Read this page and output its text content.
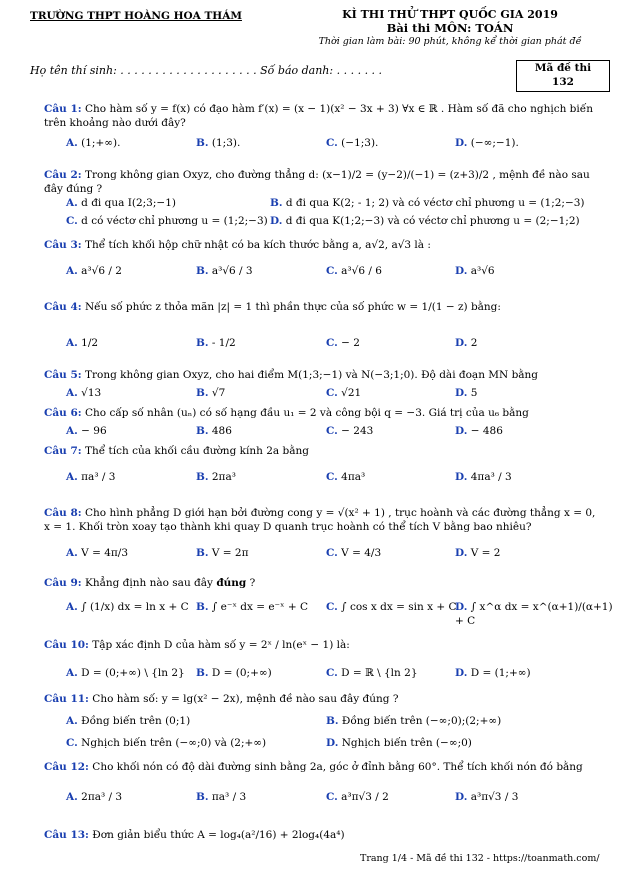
TRƯỜNG THPT HOÀNG HOA THÁM	KÌ THI THỬ THPT QUỐC GIA 2019
Bài thi MÔN: TOÁN
Thời gian làm bài: 90 phút, không kể thời gian phát đề
Họ tên thí sinh: . . . . . . . . . . . . . . . . . . . . Số báo danh: . . . . . . .	Mã đề thi
132
Câu 1: Cho hàm số y = f(x) có đạo hàm f′(x) = (x − 1)(x² − 3x + 3) ∀x ∈ ℝ . Hàm số đã cho nghịch biến trên khoảng nào dưới đây?
A. (1;+∞).	B. (1;3).	C. (−1;3).	D. (−∞;−1).
Câu 2: Trong không gian Oxyz, cho đường thẳng d: (x−1)/2 = (y−2)/(−1) = (z+3)/2 , mệnh đề nào sau đây đúng ?
A. d đi qua I(2;3;−1)	B. d đi qua K(2; - 1; 2) và có véctơ chỉ phương u = (1;2;−3)
C. d có véctơ chỉ phương u = (1;2;−3) D. d đi qua K(1;2;−3) và có véctơ chỉ phương u = (2;−1;2)
Câu 3: Thể tích khối hộp chữ nhật có ba kích thước bằng a, a√2, a√3 là :
A. a³√6 / 2	B. a³√6 / 3	C. a³√6 / 6	D. a³√6
Câu 4: Nếu số phức z thỏa mãn |z| = 1 thì phần thực của số phức w = 1/(1 − z) bằng:
A. 1/2	B. - 1/2	C. − 2	D. 2
Câu 5: Trong không gian Oxyz, cho hai điểm M(1;3;−1) và N(−3;1;0). Độ dài đoạn MN bằng
A. √13	B. √7	C. √21	D. 5
Câu 6: Cho cấp số nhân (uₙ) có số hạng đầu u₁ = 2 và công bội q = −3. Giá trị của u₆ bằng
A. − 96	B. 486	C. − 243	D. − 486
Câu 7: Thể tích của khối cầu đường kính 2a bằng
A. πa³ / 3	B. 2πa³	C. 4πa³	D. 4πa³ / 3
Câu 8: Cho hình phẳng D giới hạn bởi đường cong y = √(x² + 1) , trục hoành và các đường thẳng x = 0, x = 1. Khối tròn xoay tạo thành khi quay D quanh trục hoành có thể tích V bằng bao nhiêu?
A. V = 4π/3	B. V = 2π	C. V = 4/3	D. V = 2
Câu 9: Khẳng định nào sau đây đúng ?
A. ∫ (1/x) dx = ln x + C B. ∫ e⁻ˣ dx = e⁻ˣ + C C. ∫ cos x dx = sin x + C
D. ∫ x^α dx = x^(α+1)/(α+1) + C
Câu 10: Tập xác định D của hàm số y = 2ˣ / ln(eˣ − 1) là:
A. D = (0;+∞) \ {ln 2} B. D = (0;+∞)	C. D = ℝ \ {ln 2}	D. D = (1;+∞)
Câu 11: Cho hàm số: y = lg(x² − 2x), mệnh đề nào sau đây đúng ?
A. Đồng biến trên (0;1)	B. Đồng biến trên (−∞;0);(2;+∞)
C. Nghịch biến trên (−∞;0) và (2;+∞)	D. Nghịch biến trên (−∞;0)
Câu 12: Cho khối nón có độ dài đường sinh bằng 2a, góc ở đỉnh bằng 60°. Thể tích khối nón đó bằng
A. 2πa³ / 3	B. πa³ / 3	C. a³π√3 / 2	D. a³π√3 / 3
Câu 13: Đơn giản biểu thức A = log₄(a²/16) + 2log₄(4a⁴)
Trang 1/4 - Mã đề thi 132 - https://toanmath.com/
